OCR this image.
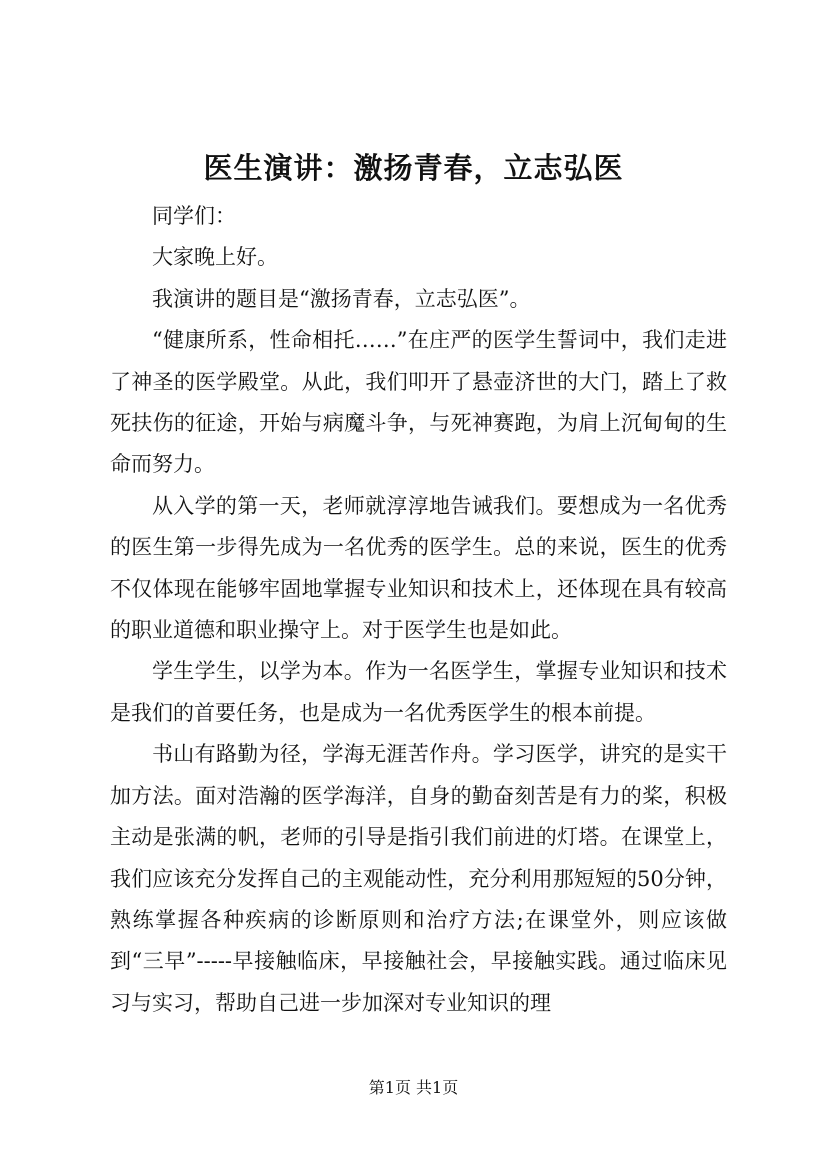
医生演讲：激扬青春，立志弘医

同学们：

大家晚上好。

我演讲的题目是“激扬青春，立志弘医”。

“健康所系，性命相托……”在庄严的医学生誓词中，我们走进了神圣的医学殿堂。从此，我们叩开了悬壶济世的大门，踏上了救死扶伤的征途，开始与病魔斗争，与死神赛跑，为肩上沉甸甸的生命而努力。

从入学的第一天，老师就淳淳地告诫我们。要想成为一名优秀的医生第一步得先成为一名优秀的医学生。总的来说，医生的优秀不仅体现在能够牢固地掌握专业知识和技术上，还体现在具有较高的职业道德和职业操守上。对于医学生也是如此。

学生学生，以学为本。作为一名医学生，掌握专业知识和技术是我们的首要任务，也是成为一名优秀医学生的根本前提。

书山有路勤为径，学海无涯苦作舟。学习医学，讲究的是实干加方法。面对浩瀚的医学海洋，自身的勤奋刻苦是有力的桨，积极主动是张满的帆，老师的引导是指引我们前进的灯塔。在课堂上，我们应该充分发挥自己的主观能动性，充分利用那短短的50分钟，熟练掌握各种疾病的诊断原则和治疗方法;在课堂外，则应该做到“三早”-----早接触临床，早接触社会，早接触实践。通过临床见习与实习，帮助自己进一步加深对专业知识的理

第1页 共1页
